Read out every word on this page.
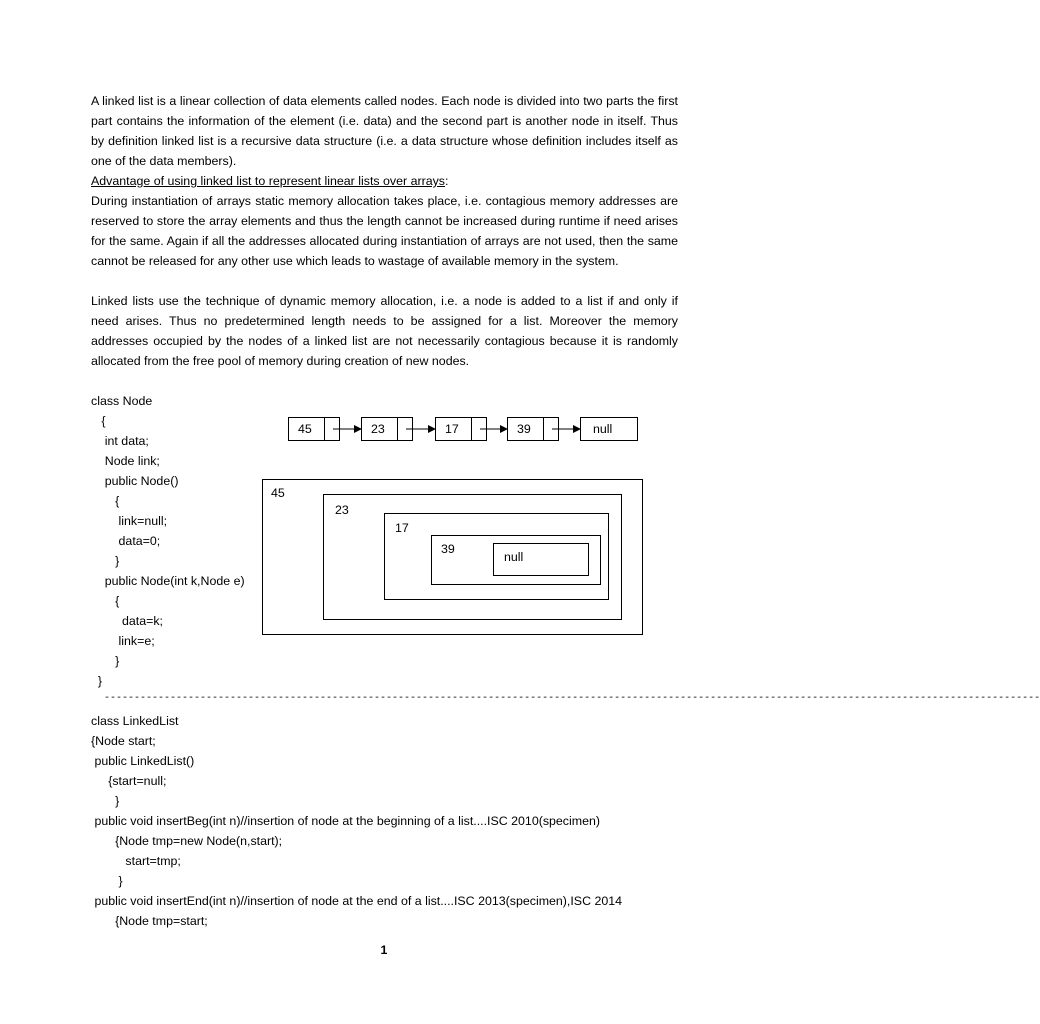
A linked list is a linear collection of data elements called nodes. Each node is divided into two parts the first part contains the information of the element (i.e. data) and the second part is another node in itself. Thus by definition linked list is a recursive data structure (i.e. a data structure whose definition includes itself as one of the data members).

Advantage of using linked list to represent linear lists over arrays:

During instantiation of arrays static memory allocation takes place, i.e. contagious memory addresses are reserved to store the array elements and thus the length cannot be increased during runtime if need arises for the same. Again if all the addresses allocated during instantiation of arrays are not used, then the same cannot be released for any other use which leads to wastage of available memory in the system.

Linked lists use the technique of dynamic memory allocation, i.e. a node is added to a list if and only if need arises. Thus no predetermined length needs to be assigned for a list. Moreover the memory addresses occupied by the nodes of a linked list are not necessarily contagious because it is randomly allocated from the free pool of memory during creation of new nodes.

class Node

{

int data;

Node link;

public Node()

{

link=null;

data=0;

}

public Node(int k,Node e)

{

data=k;

link=e;

}

}

45	23	17	39	null
45
23
17
39
null
------------------------------------------------------------------------------------------------------------------------------------------------------------

class LinkedList

{Node start;

public LinkedList()

{start=null;

}

public void insertBeg(int n)//insertion of node at the beginning of a list....ISC 2010(specimen)

{Node tmp=new Node(n,start);

start=tmp;

}

public void insertEnd(int n)//insertion of node at the end of a list....ISC 2013(specimen),ISC 2014

{Node tmp=start;

1
